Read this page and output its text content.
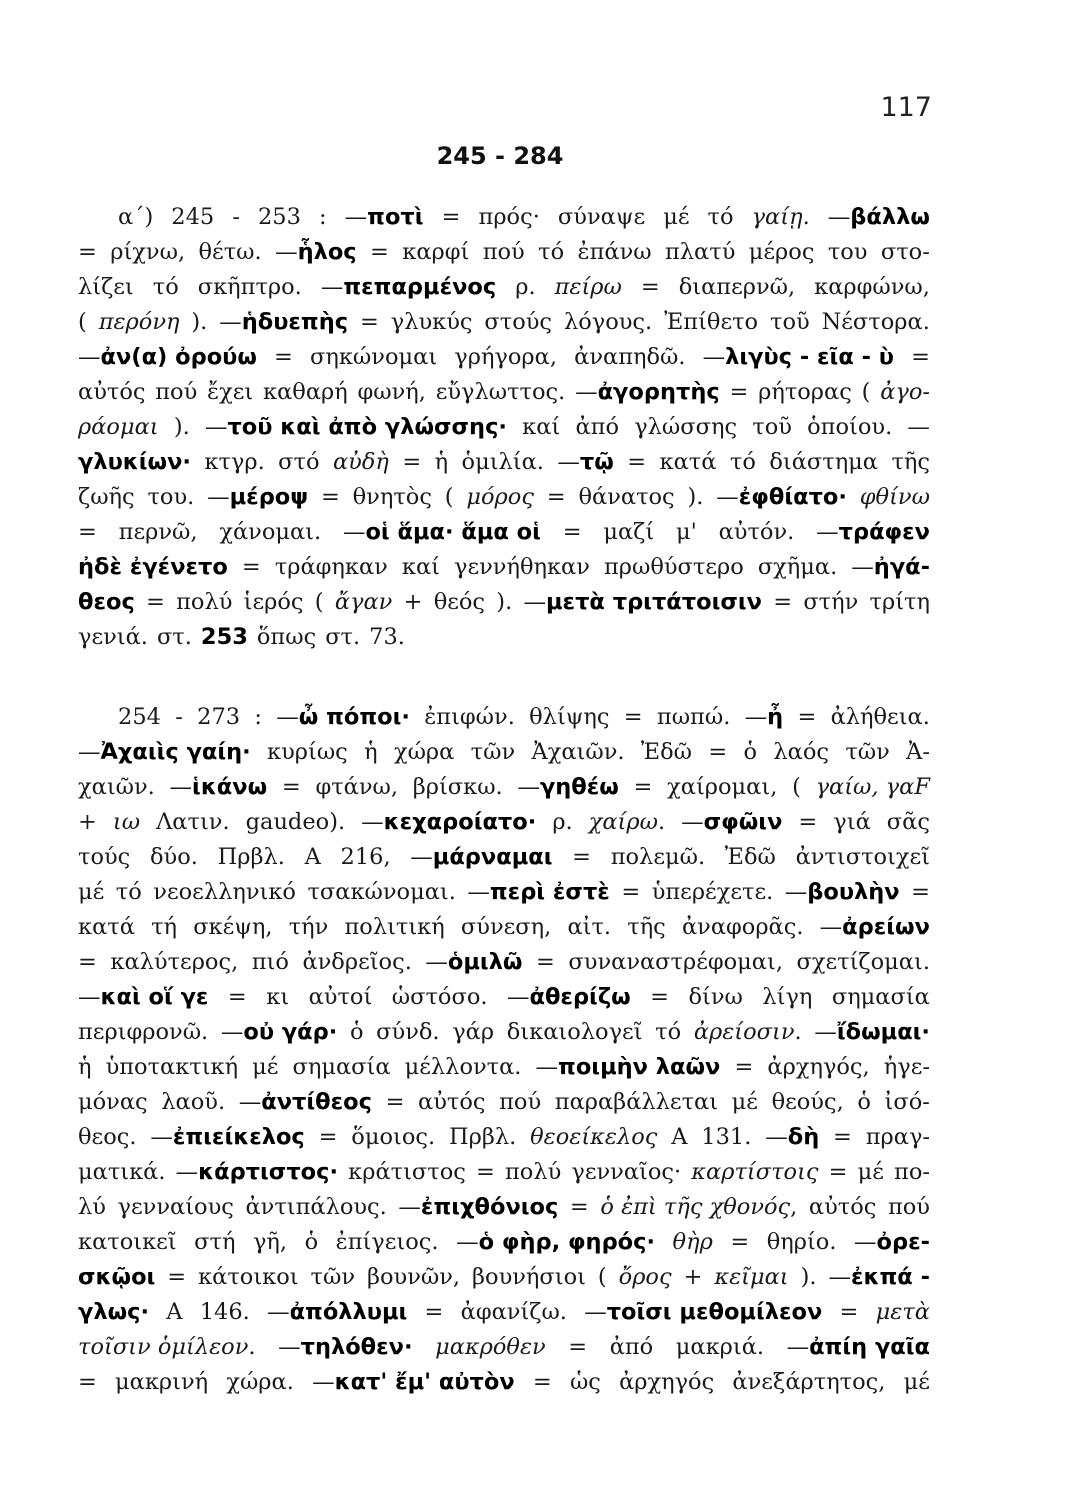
117
245 - 284
α΄) 245 - 253 : —ποτὶ = πρός· σύναψε μέ τό γαίῃ. —βάλλω
= ρίχνω, θέτω. —ἧλος = καρφί πού τό ἐπάνω πλατύ μέρος του στο-
λίζει τό σκῆπτρο. —πεπαρμένος ρ. πείρω = διαπερνῶ, καρφώνω,
( περόνη ). —ἡδυεπὴς = γλυκύς στούς λόγους. Ἐπίθετο τοῦ Νέστορα.
—ἀν(α) ὀρούω = σηκώνομαι γρήγορα, ἀναπηδῶ. —λιγὺς - εῖα - ὺ =
αὐτός πού ἔχει καθαρή φωνή, εὔγλωττος. —ἀγορητὴς = ρήτορας ( ἀγο-
ράομαι ). —τοῦ καὶ ἀπὸ γλώσσης· καί ἀπό γλώσσης τοῦ ὁποίου. —
γλυκίων· κτγρ. στό αὐδὴ = ἡ ὁμιλία. —τῷ = κατά τό διάστημα τῆς
ζωῆς του. —μέροψ = θνητὸς ( μόρος = θάνατος ). —ἐφθίατο· φθίνω
= περνῶ, χάνομαι. —οἱ ἅμα· ἅμα οἱ = μαζί μ' αὐτόν. —τράφεν
ἠδὲ ἐγένετο = τράφηκαν καί γεννήθηκαν πρωθύστερο σχῆμα. —ἠγά-
θεος = πολύ ἱερός ( ἄγαν + θεός ). —μετὰ τριτάτοισιν = στήν τρίτη
γενιά. στ. 253 ὅπως στ. 73.
254 - 273 : —ὦ πόποι· ἐπιφών. θλίψης = πωπώ. —ἦ = ἀλήθεια.
—Ἀχαιὶς γαίη· κυρίως ἡ χώρα τῶν Ἀχαιῶν. Ἐδῶ = ὁ λαός τῶν Ἀ-
χαιῶν. —ἱκάνω = φτάνω, βρίσκω. —γηθέω = χαίρομαι, ( γαίω, γαF
+ ιω Λατιν. gaudeo). —κεχαροίατο· ρ. χαίρω. —σφῶιν = γιά σᾶς
τούς δύο. Πρβλ. Α 216, —μάρναμαι = πολεμῶ. Ἐδῶ ἀντιστοιχεῖ
μέ τό νεοελληνικό τσακώνομαι. —περὶ ἐστὲ = ὑπερέχετε. —βουλὴν =
κατά τή σκέψη, τήν πολιτική σύνεση, αἰτ. τῆς ἀναφορᾶς. —ἀρείων
= καλύτερος, πιό ἀνδρεῖος. —ὁμιλῶ = συναναστρέφομαι, σχετίζομαι.
—καὶ οἵ γε = κι αὐτοί ὡστόσο. —ἀθερίζω = δίνω λίγη σημασία
περιφρονῶ. —οὐ γάρ· ὁ σύνδ. γάρ δικαιολογεῖ τό ἀρείοσιν. —ἴδωμαι·
ἡ ὑποτακτική μέ σημασία μέλλοντα. —ποιμὴν λαῶν = ἀρχηγός, ἡγε-
μόνας λαοῦ. —ἀντίθεος = αὐτός πού παραβάλλεται μέ θεούς, ὁ ἰσό-
θεος. —ἐπιείκελος = ὅμοιος. Πρβλ. θεοείκελος Α 131. —δὴ = πραγ-
ματικά. —κάρτιστος· κράτιστος = πολύ γενναῖος· καρτίστοις = μέ πο-
λύ γενναίους ἀντιπάλους. —ἐπιχθόνιος = ὁ ἐπὶ τῆς χθονός, αὐτός πού
κατοικεῖ στή γῆ, ὁ ἐπίγειος. —ὁ φὴρ, φηρός· θὴρ = θηρίο. —ὀρε-
σκῷοι = κάτοικοι τῶν βουνῶν, βουνήσιοι ( ὄρος + κεῖμαι ). —ἐκπά -
γλως· Α 146. —ἀπόλλυμι = ἀφανίζω. —τοῖσι μεθομίλεον = μετὰ
τοῖσιν ὁμίλεον. —τηλόθεν· μακρόθεν = ἀπό μακριά. —ἀπίη γαῖα
= μακρινή χώρα. —κατ' ἔμ' αὐτὸν = ὡς ἀρχηγός ἀνεξάρτητος, μέ
